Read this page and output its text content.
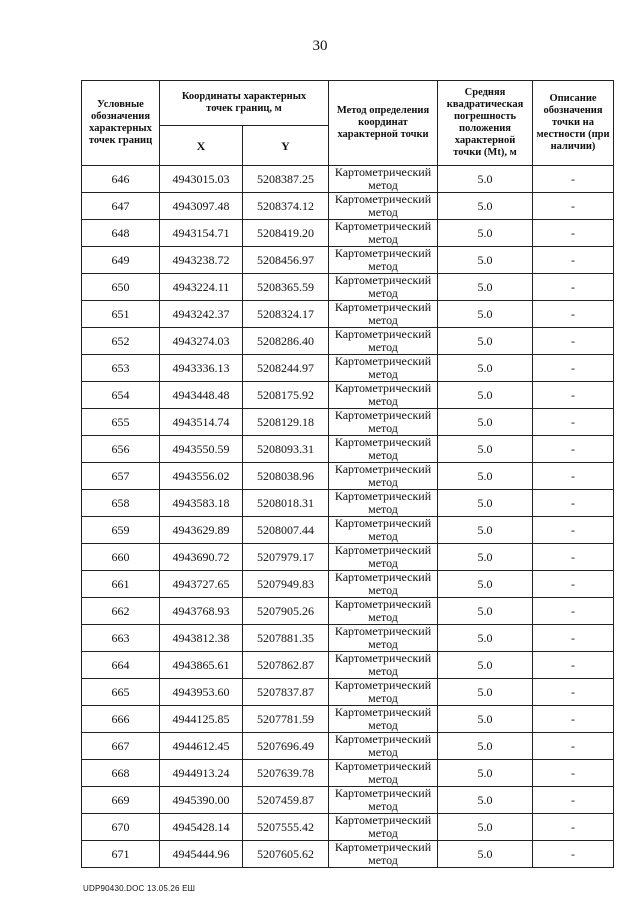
30
Условные обозначения характерных точек границ	Координаты характерных точек границ, м		Метод определения координат характерной точки	Средняя квадратическая погрешность положения характерной точки (Mt), м	Описание обозначения точки на местности (при наличии)
	X	Y			
646	4943015.03	5208387.25	Картометрический метод	5.0	-
647	4943097.48	5208374.12	Картометрический метод	5.0	-
648	4943154.71	5208419.20	Картометрический метод	5.0	-
649	4943238.72	5208456.97	Картометрический метод	5.0	-
650	4943224.11	5208365.59	Картометрический метод	5.0	-
651	4943242.37	5208324.17	Картометрический метод	5.0	-
652	4943274.03	5208286.40	Картометрический метод	5.0	-
653	4943336.13	5208244.97	Картометрический метод	5.0	-
654	4943448.48	5208175.92	Картометрический метод	5.0	-
655	4943514.74	5208129.18	Картометрический метод	5.0	-
656	4943550.59	5208093.31	Картометрический метод	5.0	-
657	4943556.02	5208038.96	Картометрический метод	5.0	-
658	4943583.18	5208018.31	Картометрический метод	5.0	-
659	4943629.89	5208007.44	Картометрический метод	5.0	-
660	4943690.72	5207979.17	Картометрический метод	5.0	-
661	4943727.65	5207949.83	Картометрический метод	5.0	-
662	4943768.93	5207905.26	Картометрический метод	5.0	-
663	4943812.38	5207881.35	Картометрический метод	5.0	-
664	4943865.61	5207862.87	Картометрический метод	5.0	-
665	4943953.60	5207837.87	Картометрический метод	5.0	-
666	4944125.85	5207781.59	Картометрический метод	5.0	-
667	4944612.45	5207696.49	Картометрический метод	5.0	-
668	4944913.24	5207639.78	Картометрический метод	5.0	-
669	4945390.00	5207459.87	Картометрический метод	5.0	-
670	4945428.14	5207555.42	Картометрический метод	5.0	-
671	4945444.96	5207605.62	Картометрический метод	5.0	-
UDP90430.DOC 13.05.26 ЕШ
